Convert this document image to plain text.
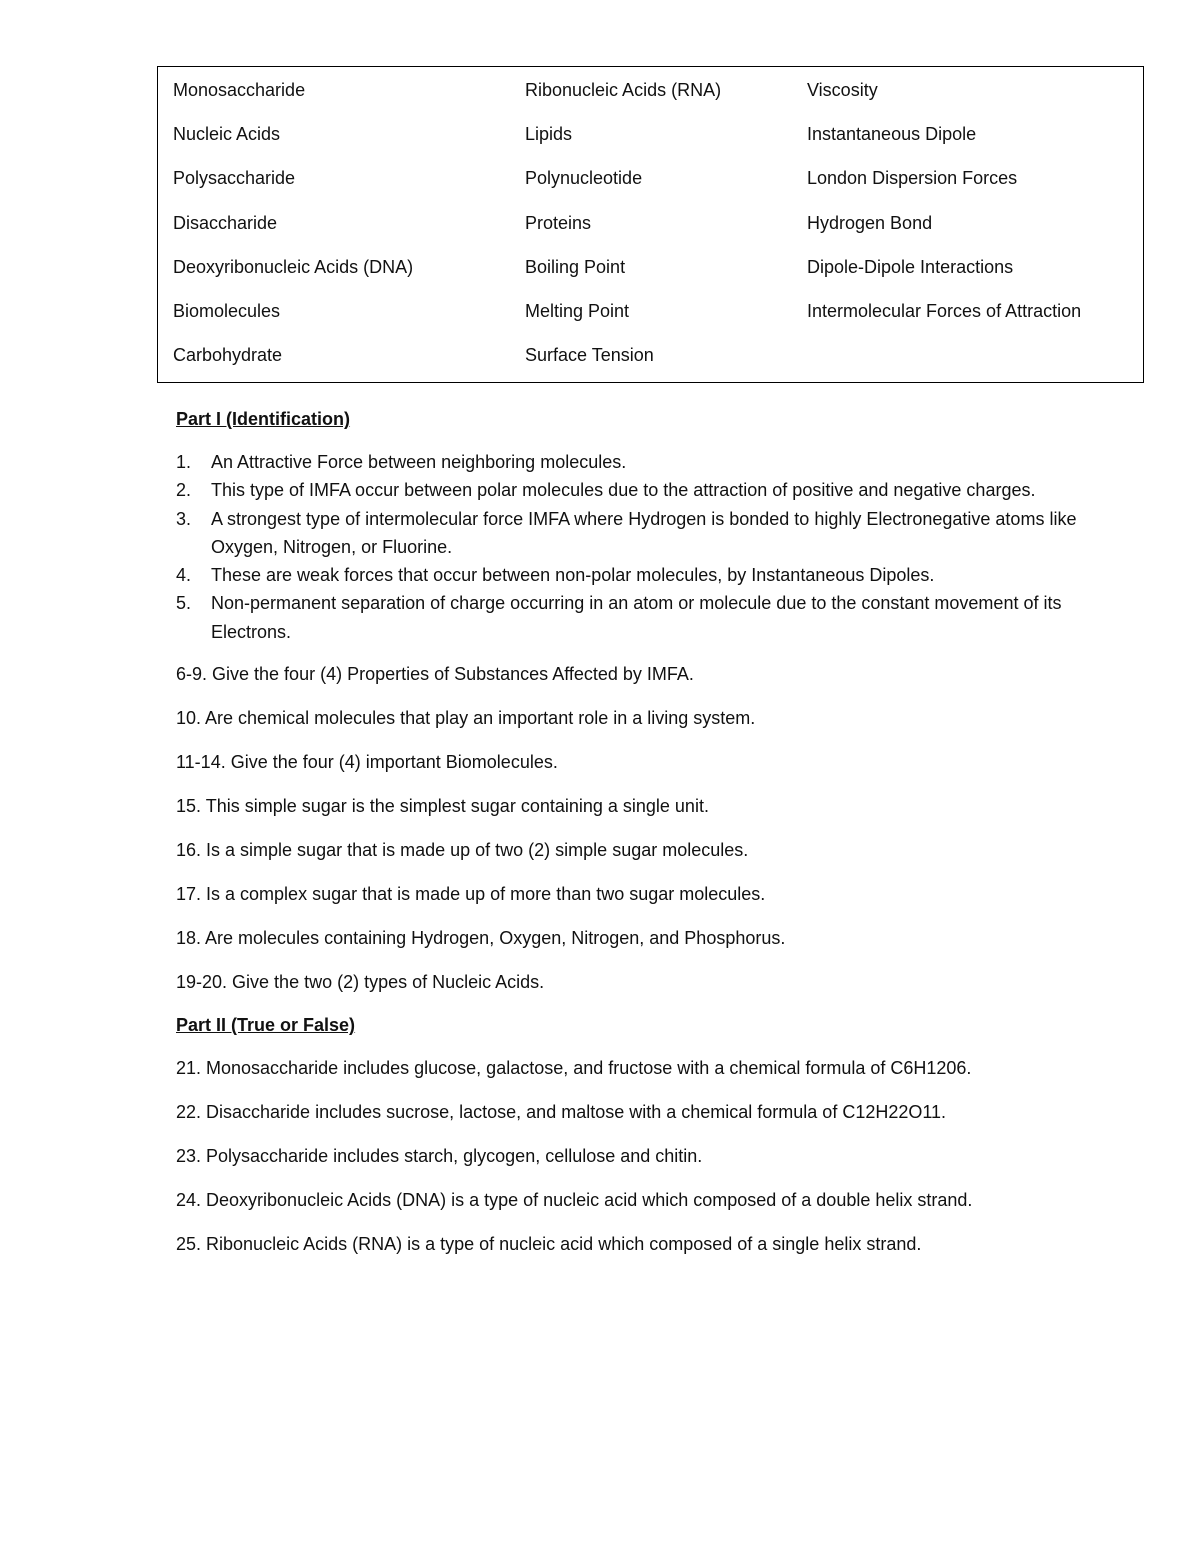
Monosaccharide
Nucleic Acids
Polysaccharide
Disaccharide
Deoxyribonucleic Acids (DNA)
Biomolecules
Carbohydrate
Ribonucleic Acids (RNA)
Lipids
Polynucleotide
Proteins
Boiling Point
Melting Point
Surface Tension
Viscosity
Instantaneous Dipole
London Dispersion Forces
Hydrogen Bond
Dipole-Dipole Interactions
Intermolecular Forces of Attraction
Part I (Identification)
1. An Attractive Force between neighboring molecules.
2. This type of IMFA occur between polar molecules due to the attraction of positive and negative charges.
3. A strongest type of intermolecular force IMFA where Hydrogen is bonded to highly Electronegative atoms like Oxygen, Nitrogen, or Fluorine.
4. These are weak forces that occur between non-polar molecules, by Instantaneous Dipoles.
5. Non-permanent separation of charge occurring in an atom or molecule due to the constant movement of its Electrons.
6-9. Give the four (4) Properties of Substances Affected by IMFA.
10. Are chemical molecules that play an important role in a living system.
11-14. Give the four (4) important Biomolecules.
15. This simple sugar is the simplest sugar containing a single unit.
16. Is a simple sugar that is made up of two (2) simple sugar molecules.
17. Is a complex sugar that is made up of more than two sugar molecules.
18. Are molecules containing Hydrogen, Oxygen, Nitrogen, and Phosphorus.
19-20. Give the two (2) types of Nucleic Acids.
Part II (True or False)
21. Monosaccharide includes glucose, galactose, and fructose with a chemical formula of C6H1206.
22. Disaccharide includes sucrose, lactose, and maltose with a chemical formula of C12H22O11.
23. Polysaccharide includes starch, glycogen, cellulose and chitin.
24. Deoxyribonucleic Acids (DNA) is a type of nucleic acid which composed of a double helix strand.
25. Ribonucleic Acids (RNA) is a type of nucleic acid which composed of a single helix strand.
